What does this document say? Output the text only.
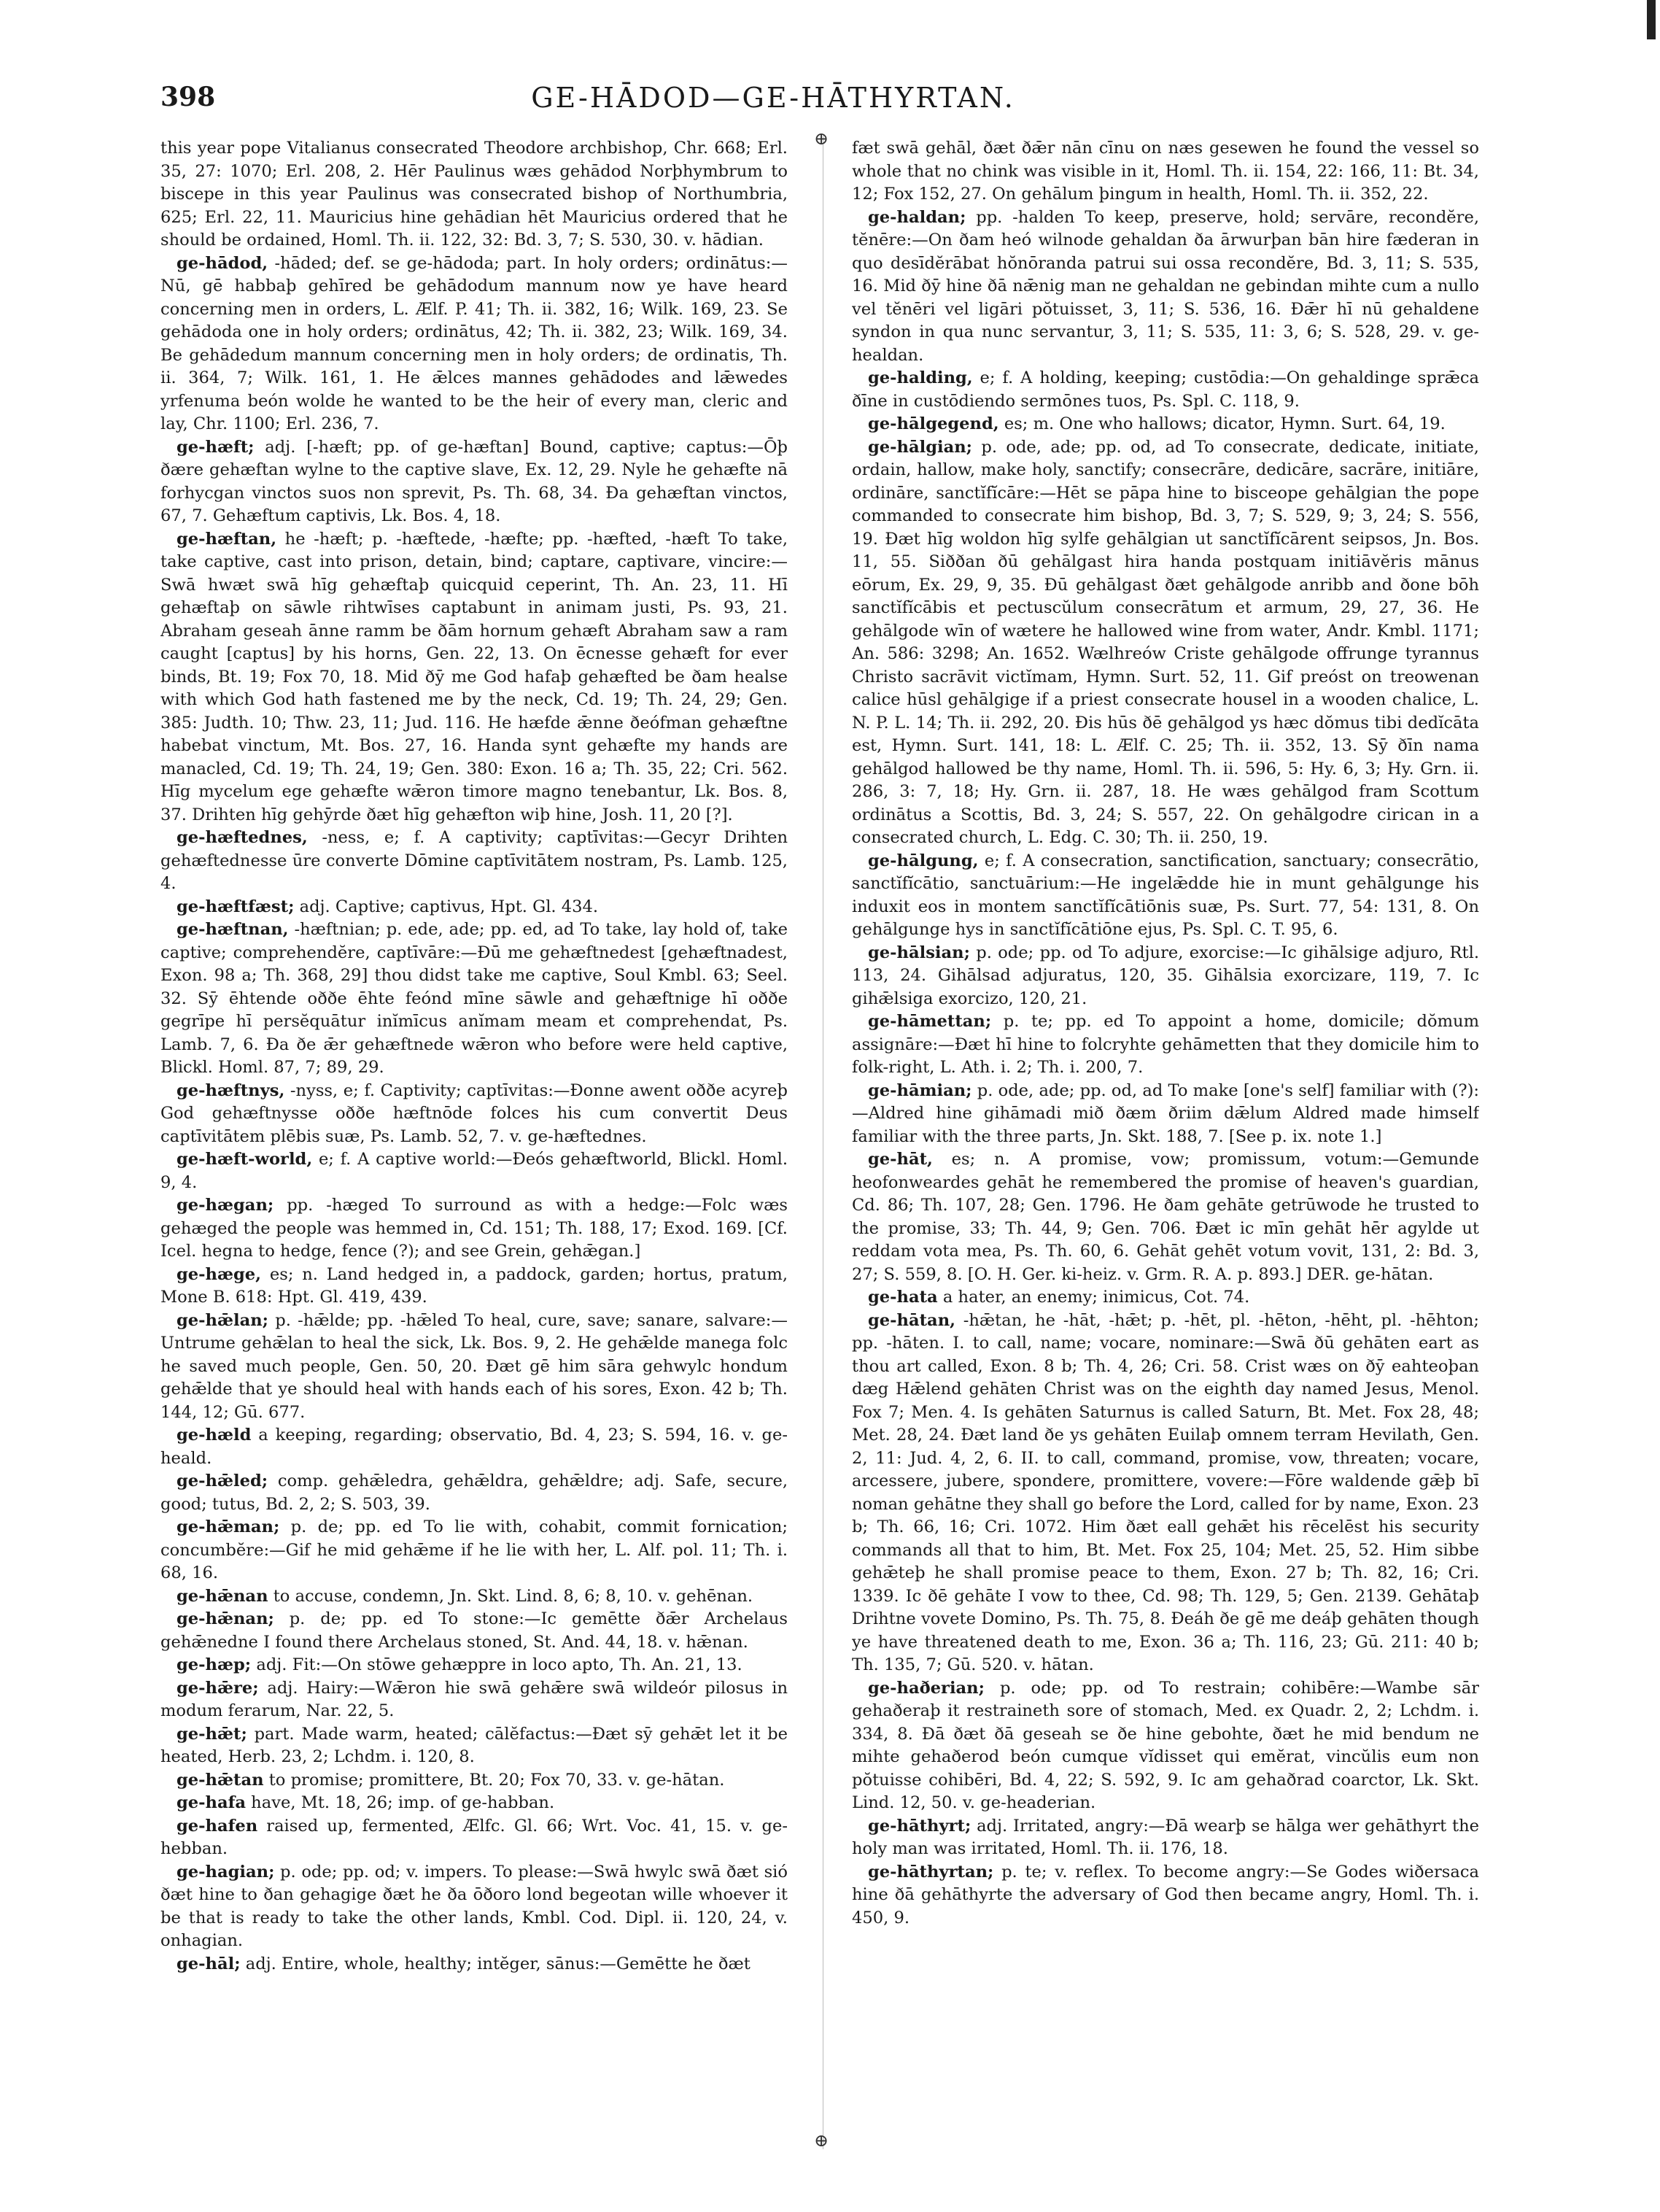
398	GE-HĀDOD—GE-HĀTHYRTAN.
⊕
⊕

this year pope Vitalianus consecrated Theodore archbishop, Chr. 668; Erl. 35, 27: 1070; Erl. 208, 2. Hēr Paulinus wæs gehādod Norþhymbrum to biscepe in this year Paulinus was consecrated bishop of Northumbria, 625; Erl. 22, 11. Mauricius hine gehādian hēt Mauricius ordered that he should be ordained, Homl. Th. ii. 122, 32: Bd. 3, 7; S. 530, 30. v. hādian.

ge-hādod, -hāded; def. se ge-hādoda; part. In holy orders; ordinātus:—Nū, gē habbaþ gehīred be gehādodum mannum now ye have heard concerning men in orders, L. Ælf. P. 41; Th. ii. 382, 16; Wilk. 169, 23. Se gehādoda one in holy orders; ordinātus, 42; Th. ii. 382, 23; Wilk. 169, 34. Be gehādedum mannum concerning men in holy orders; de ordinatis, Th. ii. 364, 7; Wilk. 161, 1. He ǣlces mannes gehādodes and lǣwedes yrfenuma beón wolde he wanted to be the heir of every man, cleric and lay, Chr. 1100; Erl. 236, 7.

ge-hæft; adj. [-hæft; pp. of ge-hæftan] Bound, captive; captus:—Ōþ ðære gehæftan wylne to the captive slave, Ex. 12, 29. Nyle he gehæfte nā forhycgan vinctos suos non sprevit, Ps. Th. 68, 34. Ða gehæftan vinctos, 67, 7. Gehæftum captivis, Lk. Bos. 4, 18.

ge-hæftan, he -hæft; p. -hæftede, -hæfte; pp. -hæfted, -hæft To take, take captive, cast into prison, detain, bind; captare, captivare, vincire:—Swā hwæt swā hīg gehæftaþ quicquid ceperint, Th. An. 23, 11. Hī gehæftaþ on sāwle rihtwīses captabunt in animam justi, Ps. 93, 21. Abraham geseah ānne ramm be ðām hornum gehæft Abraham saw a ram caught [captus] by his horns, Gen. 22, 13. On ēcnesse gehæft for ever binds, Bt. 19; Fox 70, 18. Mid ðȳ me God hafaþ gehæfted be ðam healse with which God hath fastened me by the neck, Cd. 19; Th. 24, 29; Gen. 385: Judth. 10; Thw. 23, 11; Jud. 116. He hæfde ǣnne ðeófman gehæftne habebat vinctum, Mt. Bos. 27, 16. Handa synt gehæfte my hands are manacled, Cd. 19; Th. 24, 19; Gen. 380: Exon. 16 a; Th. 35, 22; Cri. 562. Hīg mycelum ege gehæfte wǣron timore magno tenebantur, Lk. Bos. 8, 37. Drihten hīg gehȳrde ðæt hīg gehæfton wiþ hine, Josh. 11, 20 [?].

ge-hæftednes, -ness, e; f. A captivity; captīvitas:—Gecyr Drihten gehæftednesse ūre converte Dōmine captīvitātem nostram, Ps. Lamb. 125, 4.

ge-hæftfæst; adj. Captive; captivus, Hpt. Gl. 434.

ge-hæftnan, -hæftnian; p. ede, ade; pp. ed, ad To take, lay hold of, take captive; comprehendĕre, captīvāre:—Ðū me gehæftnedest [gehæftnadest, Exon. 98 a; Th. 368, 29] thou didst take me captive, Soul Kmbl. 63; Seel. 32. Sȳ ēhtende oððe ēhte feónd mīne sāwle and gehæftnige hī oððe gegrīpe hī persĕquātur inĭmīcus anĭmam meam et comprehendat, Ps. Lamb. 7, 6. Ða ðe ǣr gehæftnede wǣron who before were held captive, Blickl. Homl. 87, 7; 89, 29.

ge-hæftnys, -nyss, e; f. Captivity; captīvitas:—Ðonne awent oððe acyreþ God gehæftnysse oððe hæftnōde folces his cum convertit Deus captīvitātem plēbis suæ, Ps. Lamb. 52, 7. v. ge-hæftednes.

ge-hæft-world, e; f. A captive world:—Ðeós gehæftworld, Blickl. Homl. 9, 4.

ge-hægan; pp. -hæged To surround as with a hedge:—Folc wæs gehæged the people was hemmed in, Cd. 151; Th. 188, 17; Exod. 169. [Cf. Icel. hegna to hedge, fence (?); and see Grein, gehǣgan.]

ge-hæge, es; n. Land hedged in, a paddock, garden; hortus, pratum, Mone B. 618: Hpt. Gl. 419, 439.

ge-hǣlan; p. -hǣlde; pp. -hǣled To heal, cure, save; sanare, salvare:—Untrume gehǣlan to heal the sick, Lk. Bos. 9, 2. He gehǣlde manega folc he saved much people, Gen. 50, 20. Ðæt gē him sāra gehwylc hondum gehǣlde that ye should heal with hands each of his sores, Exon. 42 b; Th. 144, 12; Gū. 677.

ge-hæld a keeping, regarding; observatio, Bd. 4, 23; S. 594, 16. v. ge-heald.

ge-hǣled; comp. gehǣledra, gehǣldra, gehǣldre; adj. Safe, secure, good; tutus, Bd. 2, 2; S. 503, 39.

ge-hǣman; p. de; pp. ed To lie with, cohabit, commit fornication; concumbĕre:—Gif he mid gehǣme if he lie with her, L. Alf. pol. 11; Th. i. 68, 16.

ge-hǣnan to accuse, condemn, Jn. Skt. Lind. 8, 6; 8, 10. v. gehēnan.

ge-hǣnan; p. de; pp. ed To stone:—Ic gemētte ðǣr Archelaus gehǣnedne I found there Archelaus stoned, St. And. 44, 18. v. hǣnan.

ge-hæp; adj. Fit:—On stōwe gehæppre in loco apto, Th. An. 21, 13.

ge-hǣre; adj. Hairy:—Wǣron hie swā gehǣre swā wildeór pilosus in modum ferarum, Nar. 22, 5.

ge-hǣt; part. Made warm, heated; cālĕfactus:—Ðæt sȳ gehǣt let it be heated, Herb. 23, 2; Lchdm. i. 120, 8.

ge-hǣtan to promise; promittere, Bt. 20; Fox 70, 33. v. ge-hātan.

ge-hafa have, Mt. 18, 26; imp. of ge-habban.

ge-hafen raised up, fermented, Ælfc. Gl. 66; Wrt. Voc. 41, 15. v. ge-hebban.

ge-hagian; p. ode; pp. od; v. impers. To please:—Swā hwylc swā ðæt sió ðæt hine to ðan gehagige ðæt he ða ōðoro lond begeotan wille whoever it be that is ready to take the other lands, Kmbl. Cod. Dipl. ii. 120, 24, v. onhagian.

ge-hāl; adj. Entire, whole, healthy; intĕger, sānus:—Gemētte he ðæt

fæt swā gehāl, ðæt ðǣr nān cīnu on næs gesewen he found the vessel so whole that no chink was visible in it, Homl. Th. ii. 154, 22: 166, 11: Bt. 34, 12; Fox 152, 27. On gehālum þingum in health, Homl. Th. ii. 352, 22.

ge-haldan; pp. -halden To keep, preserve, hold; servāre, recondĕre, tĕnēre:—On ðam heó wilnode gehaldan ða ārwurþan bān hire fæderan in quo desīdĕrābat hŏnōranda patrui sui ossa recondĕre, Bd. 3, 11; S. 535, 16. Mid ðȳ hine ðā nǣnig man ne gehaldan ne gebindan mihte cum a nullo vel tĕnēri vel ligāri pŏtuisset, 3, 11; S. 536, 16. Ðǣr hī nū gehaldene syndon in qua nunc servantur, 3, 11; S. 535, 11: 3, 6; S. 528, 29. v. ge-healdan.

ge-halding, e; f. A holding, keeping; custōdia:—On gehaldinge sprǣca ðīne in custōdiendo sermōnes tuos, Ps. Spl. C. 118, 9.

ge-hālgegend, es; m. One who hallows; dicator, Hymn. Surt. 64, 19.

ge-hālgian; p. ode, ade; pp. od, ad To consecrate, dedicate, initiate, ordain, hallow, make holy, sanctify; consecrāre, dedicāre, sacrāre, initiāre, ordināre, sanctĭfĭcāre:—Hēt se pāpa hine to bisceope gehālgian the pope commanded to consecrate him bishop, Bd. 3, 7; S. 529, 9; 3, 24; S. 556, 19. Ðæt hīg woldon hīg sylfe gehālgian ut sanctĭfĭcārent seipsos, Jn. Bos. 11, 55. Siððan ðū gehālgast hira handa postquam initiāvĕris mānus eōrum, Ex. 29, 9, 35. Ðū gehālgast ðæt gehālgode anribb and ðone bōh sanctĭfĭcābis et pectuscŭlum consecrātum et armum, 29, 27, 36. He gehālgode wīn of wætere he hallowed wine from water, Andr. Kmbl. 1171; An. 586: 3298; An. 1652. Wælhreów Criste gehālgode offrunge tyrannus Christo sacrāvit victĭmam, Hymn. Surt. 52, 11. Gif preóst on treowenan calice hūsl gehālgige if a priest consecrate housel in a wooden chalice, L. N. P. L. 14; Th. ii. 292, 20. Ðis hūs ðē gehālgod ys hæc dŏmus tibi dedĭcāta est, Hymn. Surt. 141, 18: L. Ælf. C. 25; Th. ii. 352, 13. Sȳ ðīn nama gehālgod hallowed be thy name, Homl. Th. ii. 596, 5: Hy. 6, 3; Hy. Grn. ii. 286, 3: 7, 18; Hy. Grn. ii. 287, 18. He wæs gehālgod fram Scottum ordinātus a Scottis, Bd. 3, 24; S. 557, 22. On gehālgodre cirican in a consecrated church, L. Edg. C. 30; Th. ii. 250, 19.

ge-hālgung, e; f. A consecration, sanctification, sanctuary; consecrātio, sanctĭfĭcātio, sanctuārium:—He ingelǣdde hie in munt gehālgunge his induxit eos in montem sanctĭfĭcātiōnis suæ, Ps. Surt. 77, 54: 131, 8. On gehālgunge hys in sanctĭfĭcātiōne ejus, Ps. Spl. C. T. 95, 6.

ge-hālsian; p. ode; pp. od To adjure, exorcise:—Ic gihālsige adjuro, Rtl. 113, 24. Gihālsad adjuratus, 120, 35. Gihālsia exorcizare, 119, 7. Ic gihǣlsiga exorcizo, 120, 21.

ge-hāmettan; p. te; pp. ed To appoint a home, domicile; dŏmum assignāre:—Ðæt hī hine to folcryhte gehāmetten that they domicile him to folk-right, L. Ath. i. 2; Th. i. 200, 7.

ge-hāmian; p. ode, ade; pp. od, ad To make [one's self] familiar with (?):—Aldred hine gihāmadi mið ðæm ðriim dǣlum Aldred made himself familiar with the three parts, Jn. Skt. 188, 7. [See p. ix. note 1.]

ge-hāt, es; n. A promise, vow; promissum, votum:—Gemunde heofonweardes gehāt he remembered the promise of heaven's guardian, Cd. 86; Th. 107, 28; Gen. 1796. He ðam gehāte getrūwode he trusted to the promise, 33; Th. 44, 9; Gen. 706. Ðæt ic mīn gehāt hēr agylde ut reddam vota mea, Ps. Th. 60, 6. Gehāt gehēt votum vovit, 131, 2: Bd. 3, 27; S. 559, 8. [O. H. Ger. ki-heiz. v. Grm. R. A. p. 893.] DER. ge-hātan.

ge-hata a hater, an enemy; inimicus, Cot. 74.

ge-hātan, -hǣtan, he -hāt, -hǣt; p. -hēt, pl. -hēton, -hēht, pl. -hēhton; pp. -hāten. I. to call, name; vocare, nominare:—Swā ðū gehāten eart as thou art called, Exon. 8 b; Th. 4, 26; Cri. 58. Crist wæs on ðȳ eahteoþan dæg Hǣlend gehāten Christ was on the eighth day named Jesus, Menol. Fox 7; Men. 4. Is gehāten Saturnus is called Saturn, Bt. Met. Fox 28, 48; Met. 28, 24. Ðæt land ðe ys gehāten Euilaþ omnem terram Hevilath, Gen. 2, 11: Jud. 4, 2, 6. II. to call, command, promise, vow, threaten; vocare, arcessere, jubere, spondere, promittere, vovere:—Fōre waldende gǣþ bī noman gehātne they shall go before the Lord, called for by name, Exon. 23 b; Th. 66, 16; Cri. 1072. Him ðæt eall gehǣt his rēcelēst his security commands all that to him, Bt. Met. Fox 25, 104; Met. 25, 52. Him sibbe gehǣteþ he shall promise peace to them, Exon. 27 b; Th. 82, 16; Cri. 1339. Ic ðē gehāte I vow to thee, Cd. 98; Th. 129, 5; Gen. 2139. Gehātaþ Drihtne vovete Domino, Ps. Th. 75, 8. Ðeáh ðe gē me deáþ gehāten though ye have threatened death to me, Exon. 36 a; Th. 116, 23; Gū. 211: 40 b; Th. 135, 7; Gū. 520. v. hātan.

ge-haðerian; p. ode; pp. od To restrain; cohibēre:—Wambe sār gehaðeraþ it restraineth sore of stomach, Med. ex Quadr. 2, 2; Lchdm. i. 334, 8. Ðā ðæt ðā geseah se ðe hine gebohte, ðæt he mid bendum ne mihte gehaðerod beón cumque vĭdisset qui emĕrat, vincŭlis eum non pŏtuisse cohibēri, Bd. 4, 22; S. 592, 9. Ic am gehaðrad coarctor, Lk. Skt. Lind. 12, 50. v. ge-headerian.

ge-hāthyrt; adj. Irritated, angry:—Ðā wearþ se hālga wer gehāthyrt the holy man was irritated, Homl. Th. ii. 176, 18.

ge-hāthyrtan; p. te; v. reflex. To become angry:—Se Godes wiðersaca hine ðā gehāthyrte the adversary of God then became angry, Homl. Th. i. 450, 9.
